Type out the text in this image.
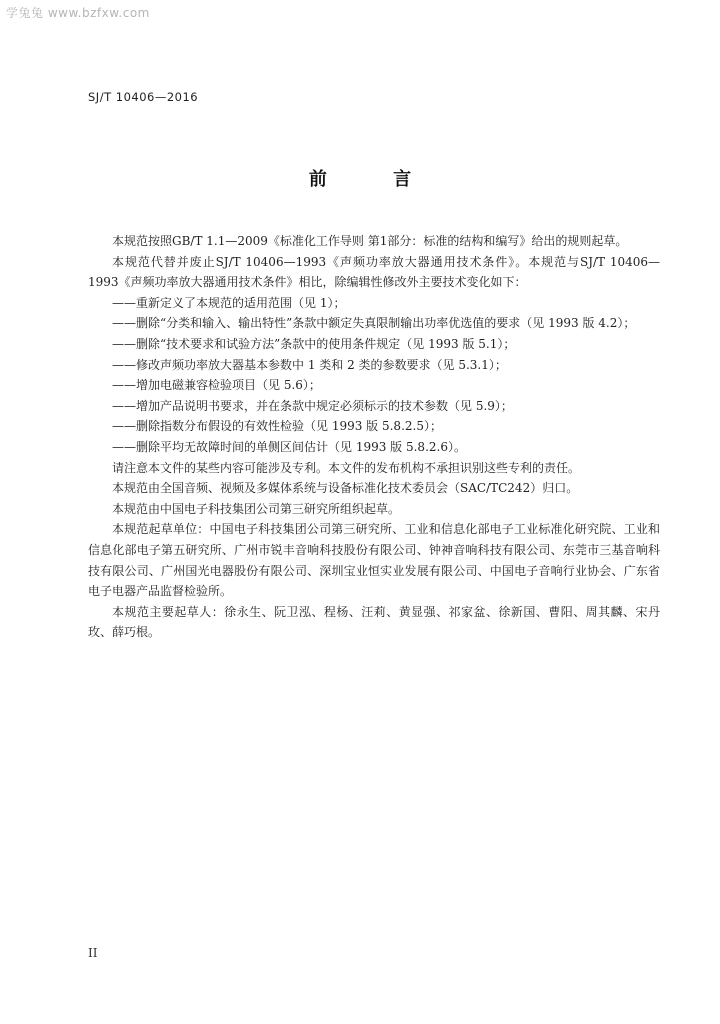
学兔兔 www.bzfxw.com
SJ/T 10406—2016
前 言

本规范按照GB/T 1.1—2009《标准化工作导则 第1部分：标准的结构和编写》给出的规则起草。

本规范代替并废止SJ/T 10406—1993《声频功率放大器通用技术条件》。本规范与SJ/T 10406—1993《声频功率放大器通用技术条件》相比，除编辑性修改外主要技术变化如下：

——重新定义了本规范的适用范围（见 1）；

——删除“分类和输入、输出特性”条款中额定失真限制输出功率优选值的要求（见 1993 版 4.2）；

——删除“技术要求和试验方法”条款中的使用条件规定（见 1993 版 5.1）；

——修改声频功率放大器基本参数中 1 类和 2 类的参数要求（见 5.3.1）；

——增加电磁兼容检验项目（见 5.6）；

——增加产品说明书要求，并在条款中规定必须标示的技术参数（见 5.9）；

——删除指数分布假设的有效性检验（见 1993 版 5.8.2.5）；

——删除平均无故障时间的单侧区间估计（见 1993 版 5.8.2.6）。

请注意本文件的某些内容可能涉及专利。本文件的发布机构不承担识别这些专利的责任。

本规范由全国音频、视频及多媒体系统与设备标准化技术委员会（SAC/TC242）归口。

本规范由中国电子科技集团公司第三研究所组织起草。

本规范起草单位：中国电子科技集团公司第三研究所、工业和信息化部电子工业标准化研究院、工业和信息化部电子第五研究所、广州市锐丰音响科技股份有限公司、钟神音响科技有限公司、东莞市三基音响科技有限公司、广州国光电器股份有限公司、深圳宝业恒实业发展有限公司、中国电子音响行业协会、广东省电子电器产品监督检验所。

本规范主要起草人：徐永生、阮卫泓、程杨、汪莉、黄显强、祁家盆、徐新国、曹阳、周其麟、宋丹玫、薛巧根。

II
